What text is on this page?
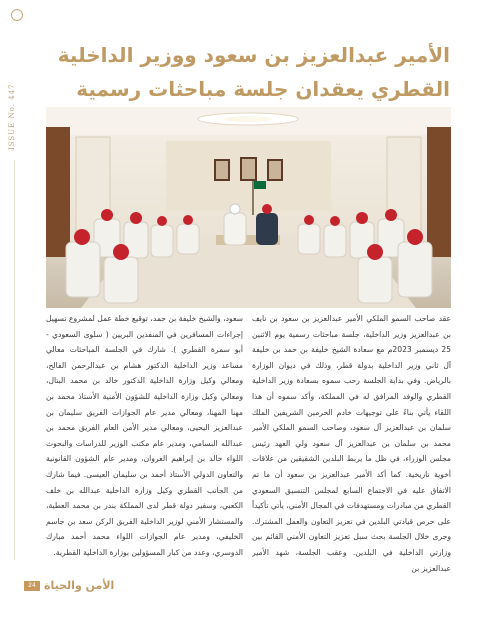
ISSUE No. 447
الأمير عبدالعزيز بن سعود ووزير الداخلية القطري يعقدان جلسة مباحثات رسمية
عقد صاحب السمو الملكي الأمير عبدالعزيز بن سعود بن نايف بن عبدالعزيز وزير الداخلية، جلسة مباحثات رسمية يوم الاثنين 25 ديسمبر 2023م مع سعادة الشيخ خليفة بن حمد بن خليفة آل ثاني وزير الداخلية بدولة قطر، وذلك في ديوان الوزارة بالرياض. وفي بداية الجلسة رحب سموه بسعادة وزير الداخلية القطري والوفد المرافق له في المملكة، وأكد سموه أن هذا اللقاء يأتي بناءً على توجيهات خادم الحرمين الشريفين الملك سلمان بن عبدالعزيز آل سعود، وصاحب السمو الملكي الأمير محمد بن سلمان بن عبدالعزيز آل سعود ولي العهد رئيس مجلس الوزراء، في ظل ما يربط البلدين الشقيقين من علاقات أخوية تاريخية. كما أكد الأمير عبدالعزيز بن سعود أن ما تم الاتفاق عليه في الاجتماع السابع لمجلس التنسيق السعودي القطري من مبادرات ومستهدفات في المجال الأمني، يأتي تأكيداً على حرص قيادتي البلدين في تعزيز التعاون والعمل المشترك. وجرى خلال الجلسة بحث سبل تعزيز التعاون الأمني القائم بين وزارتي الداخلية في البلدين. وعقب الجلسة، شهد الأمير عبدالعزيز بن
سعود، والشيخ خليفة بن حمد، توقيع خطة عمل لمشروع تسهيل إجراءات المسافرين في المنفذين البريين ( سلوى السعودي - أبو سمرة القطري ). شارك في الجلسة المباحثات معالي مساعد وزير الداخلية الدكتور هشام بن عبدالرحمن الفالح، ومعالي وكيل وزارة الداخلية الدكتور خالد بن محمد البتال، ومعالي وكيل وزارة الداخلية للشؤون الأمنية الأستاذ محمد بن مهنا المهنا، ومعالي مدير عام الجوازات الفريق سليمان بن عبدالعزيز اليحيى، ومعالي مدير الأمن العام الفريق محمد بن عبدالله البسامي، ومدير عام مكتب الوزير للدراسات والبحوث اللواء خالد بن إبراهيم العروان، ومدير عام الشؤون القانونية والتعاون الدولي الأستاذ أحمد بن سليمان العيسى. فيما شارك من الجانب القطري وكيل وزارة الداخلية عبدالله بن خلف الكعبي، وسفير دولة قطر لدى المملكة بندر بن محمد العطية، والمستشار الأمني لوزير الداخلية الفريق الركن سعد بن جاسم الخليفي، ومدير عام الجوازات اللواء محمد أحمد مبارك الدوسري، وعدد من كبار المسؤولين بوزارة الداخلية القطرية.
24 الأمن والحياة
